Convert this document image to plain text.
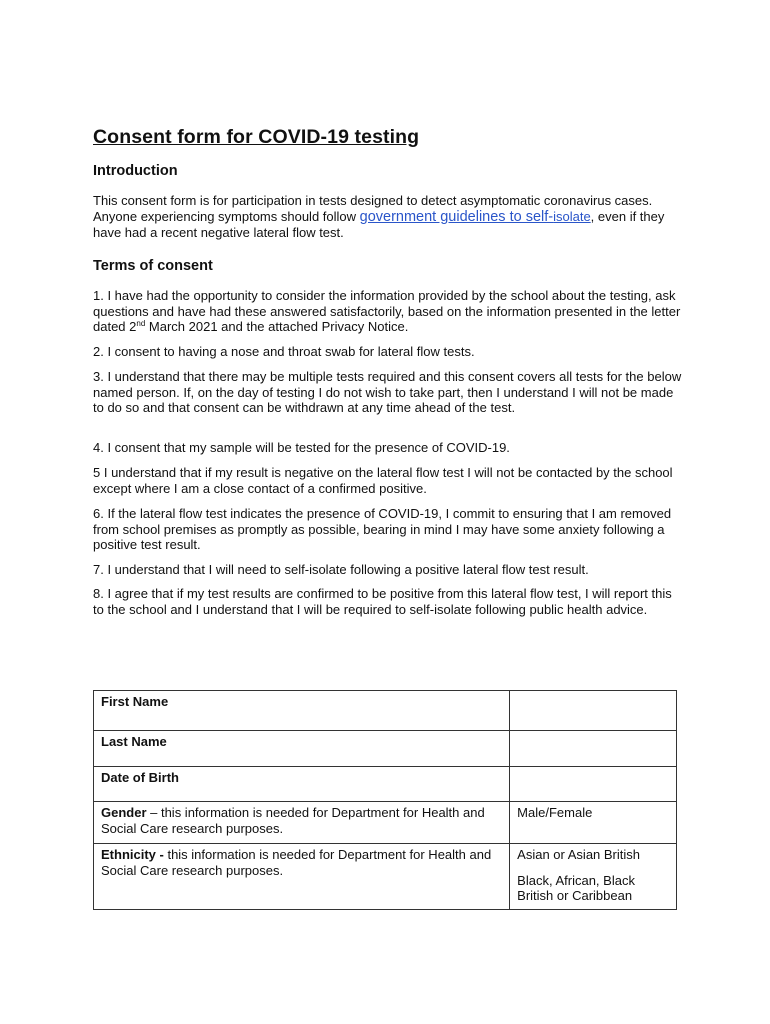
Consent form for COVID-19 testing
Introduction

This consent form is for participation in tests designed to detect asymptomatic coronavirus cases. Anyone experiencing symptoms should follow government guidelines to self-isolate, even if they have had a recent negative lateral flow test.

Terms of consent

1. I have had the opportunity to consider the information provided by the school about the testing, ask questions and have had these answered satisfactorily, based on the information presented in the letter dated 2nd March 2021 and the attached Privacy Notice.

2. I consent to having a nose and throat swab for lateral flow tests.

3. I understand that there may be multiple tests required and this consent covers all tests for the below named person. If, on the day of testing I do not wish to take part, then I understand I will not be made to do so and that consent can be withdrawn at any time ahead of the test.

4. I consent that my sample will be tested for the presence of COVID-19.

5 I understand that if my result is negative on the lateral flow test I will not be contacted by the school except where I am a close contact of a confirmed positive.

6. If the lateral flow test indicates the presence of COVID-19, I commit to ensuring that I am removed from school premises as promptly as possible, bearing in mind I may have some anxiety following a positive test result.

7. I understand that I will need to self-isolate following a positive lateral flow test result.

8. I agree that if my test results are confirmed to be positive from this lateral flow test, I will report this to the school and I understand that I will be required to self-isolate following public health advice.

First Name	
Last Name	
Date of Birth	
Gender – this information is needed for Department for Health and Social Care research purposes.	Male/Female
Ethnicity - this information is needed for Department for Health and Social Care research purposes.	Asian or Asian British
Black, African, Black British or Caribbean
